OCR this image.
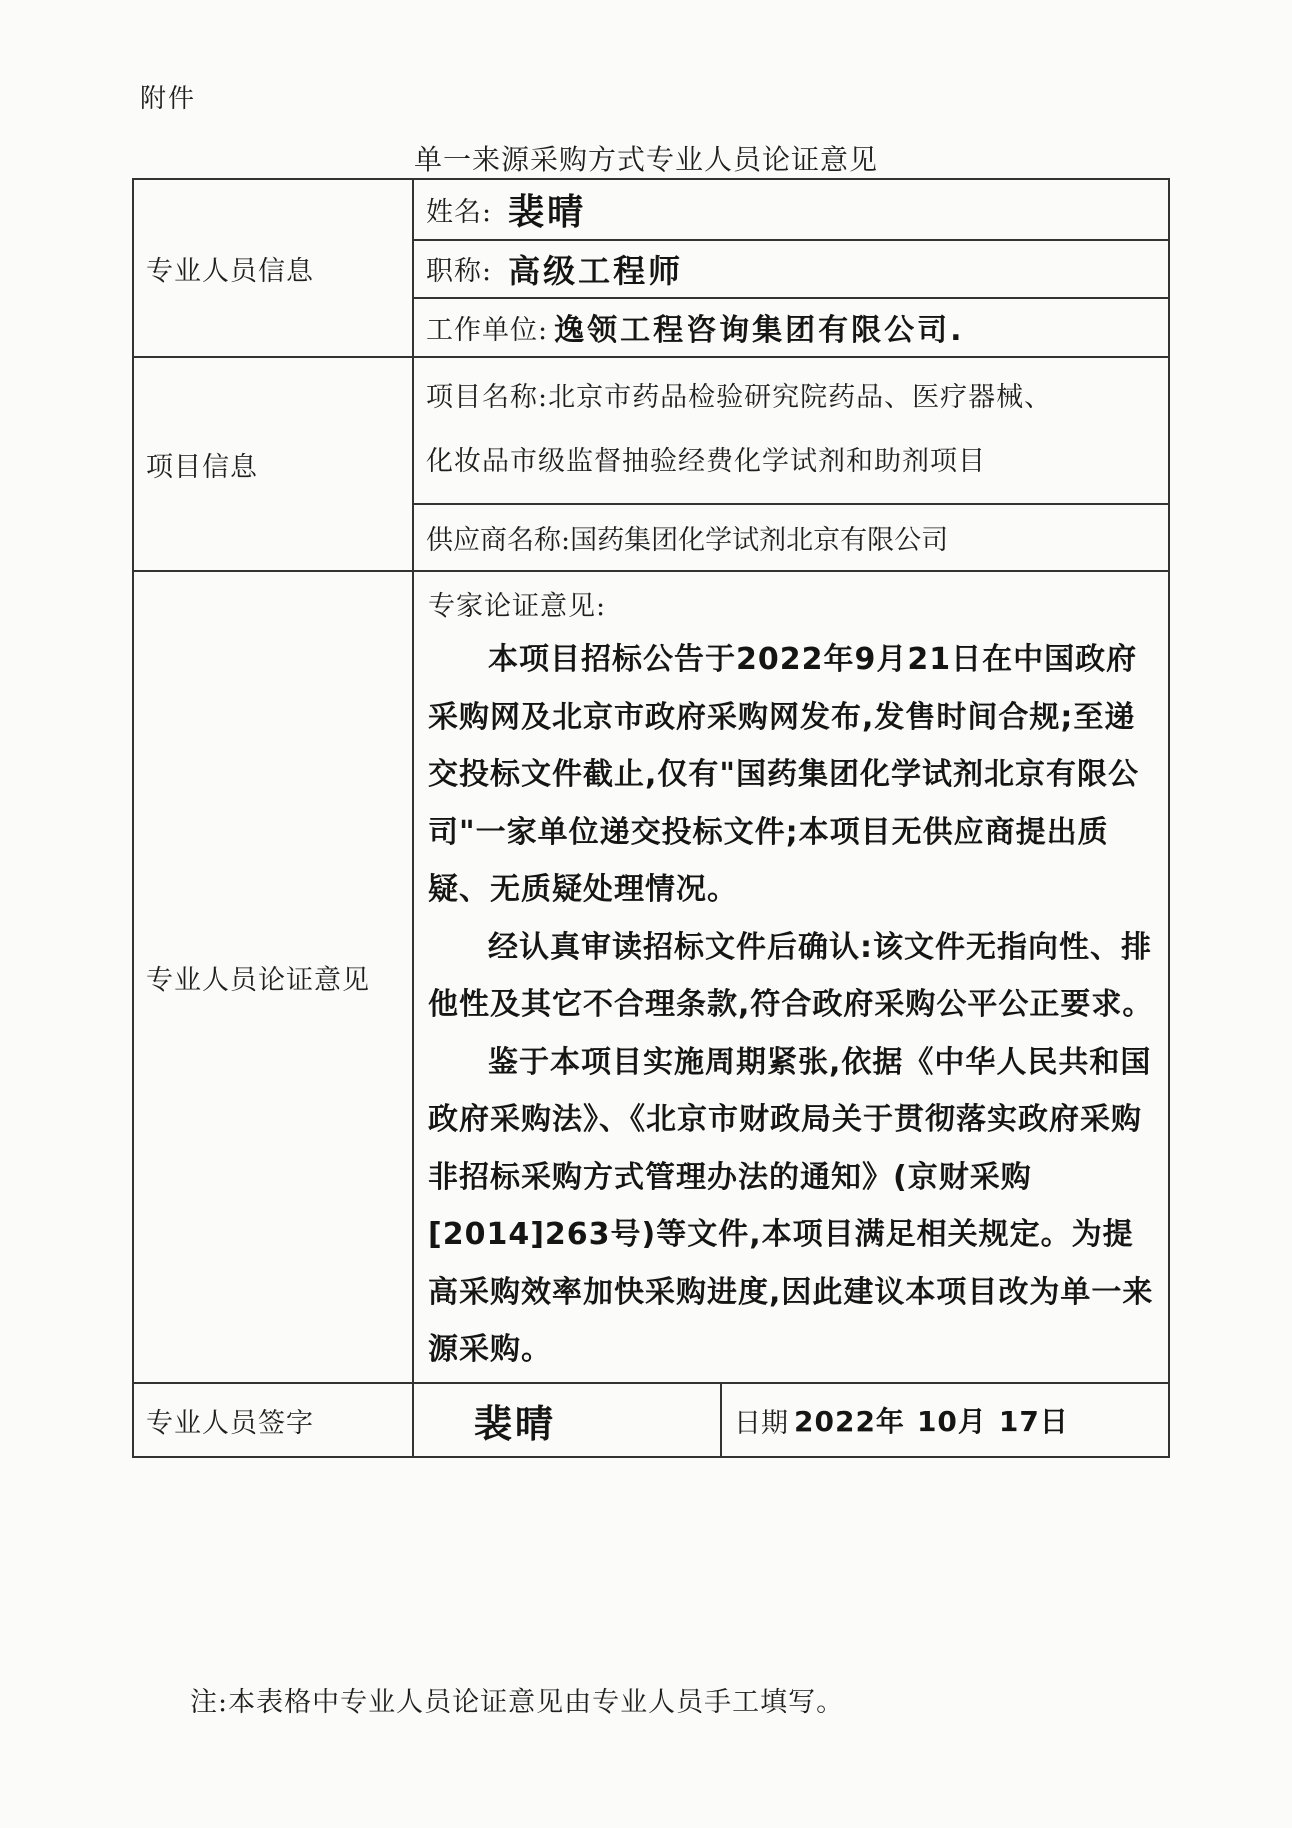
附件
单一来源采购方式专业人员论证意见
专业人员信息
姓名: 裴晴
职称: 高级工程师
工作单位: 逸领工程咨询集团有限公司.
项目信息
项目名称:北京市药品检验研究院药品、医疗器械、
化妆品市级监督抽验经费化学试剂和助剂项目
供应商名称:国药集团化学试剂北京有限公司
专业人员论证意见
专家论证意见:

本项目招标公告于2022年9月21日在中国政府采购网及北京市政府采购网发布,发售时间合规;至递交投标文件截止,仅有"国药集团化学试剂北京有限公司"一家单位递交投标文件;本项目无供应商提出质疑、无质疑处理情况。

经认真审读招标文件后确认:该文件无指向性、排他性及其它不合理条款,符合政府采购公平公正要求。

鉴于本项目实施周期紧张,依据《中华人民共和国政府采购法》、《北京市财政局关于贯彻落实政府采购非招标采购方式管理办法的通知》(京财采购[2014]263号)等文件,本项目满足相关规定。为提高采购效率加快采购进度,因此建议本项目改为单一来源采购。

专业人员签字	裴晴	日期 2022年 10月 17日
注:本表格中专业人员论证意见由专业人员手工填写。
